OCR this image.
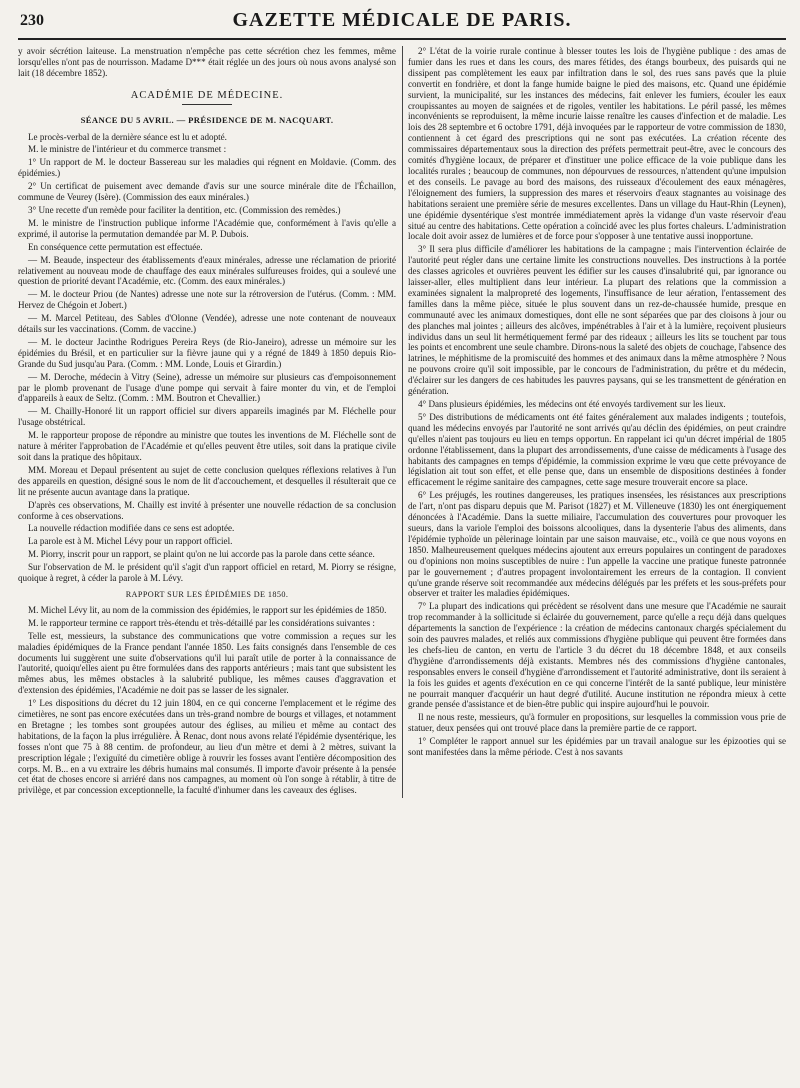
230	GAZETTE MÉDICALE DE PARIS.

y avoir sécrétion laiteuse. La menstruation n'empêche pas cette sécrétion chez les femmes, même lorsqu'elles n'ont pas de nourrisson. Madame D*** était réglée un des jours où nous avons analysé son lait (18 décembre 1852).

ACADÉMIE DE MÉDECINE.
SÉANCE DU 5 AVRIL. — PRÉSIDENCE DE M. NACQUART.

Le procès-verbal de la dernière séance est lu et adopté.

M. le ministre de l'intérieur et du commerce transmet :

1° Un rapport de M. le docteur Bassereau sur les maladies qui régnent en Moldavie. (Comm. des épidémies.)

2° Un certificat de puisement avec demande d'avis sur une source minérale dite de l'Échaillon, commune de Veurey (Isère). (Commission des eaux minérales.)

3° Une recette d'un remède pour faciliter la dentition, etc. (Commission des remèdes.)

M. le ministre de l'instruction publique informe l'Académie que, conformément à l'avis qu'elle a exprimé, il autorise la permutation demandée par M. P. Dubois.

En conséquence cette permutation est effectuée.

— M. Beaude, inspecteur des établissements d'eaux minérales, adresse une réclamation de priorité relativement au nouveau mode de chauffage des eaux minérales sulfureuses froides, qui a soulevé une question de priorité devant l'Académie, etc. (Comm. des eaux minérales.)

— M. le docteur Priou (de Nantes) adresse une note sur la rétroversion de l'utérus. (Comm. : MM. Hervez de Chégoin et Jobert.)

— M. Marcel Petiteau, des Sables d'Olonne (Vendée), adresse une note contenant de nouveaux détails sur les vaccinations. (Comm. de vaccine.)

— M. le docteur Jacinthe Rodrigues Pereira Reys (de Rio-Janeiro), adresse un mémoire sur les épidémies du Brésil, et en particulier sur la fièvre jaune qui y a régné de 1849 à 1850 depuis Rio-Grande du Sud jusqu'au Para. (Comm. : MM. Londe, Louis et Girardin.)

— M. Deroche, médecin à Vitry (Seine), adresse un mémoire sur plusieurs cas d'empoisonnement par le plomb provenant de l'usage d'une pompe qui servait à faire monter du vin, et de l'emploi d'appareils à eaux de Seltz. (Comm. : MM. Boutron et Chevallier.)

— M. Chailly-Honoré lit un rapport officiel sur divers appareils imaginés par M. Fléchelle pour l'usage obstétrical.

M. le rapporteur propose de répondre au ministre que toutes les inventions de M. Fléchelle sont de nature à mériter l'approbation de l'Académie et qu'elles peuvent être utiles, soit dans la pratique civile soit dans la pratique des hôpitaux.

MM. Moreau et Depaul présentent au sujet de cette conclusion quelques réflexions relatives à l'un des appareils en question, désigné sous le nom de lit d'accouchement, et desquelles il résulterait que ce lit ne présente aucun avantage dans la pratique.

D'après ces observations, M. Chailly est invité à présenter une nouvelle rédaction de sa conclusion conforme à ces observations.

La nouvelle rédaction modifiée dans ce sens est adoptée.

La parole est à M. Michel Lévy pour un rapport officiel.

M. Piorry, inscrit pour un rapport, se plaint qu'on ne lui accorde pas la parole dans cette séance.

Sur l'observation de M. le président qu'il s'agit d'un rapport officiel en retard, M. Piorry se résigne, quoique à regret, à céder la parole à M. Lévy.

RAPPORT SUR LES ÉPIDÉMIES DE 1850.

M. Michel Lévy lit, au nom de la commission des épidémies, le rapport sur les épidémies de 1850.

M. le rapporteur termine ce rapport très-étendu et très-détaillé par les considérations suivantes :

Telle est, messieurs, la substance des communications que votre commission a reçues sur les maladies épidémiques de la France pendant l'année 1850. Les faits consignés dans l'ensemble de ces documents lui suggèrent une suite d'observations qu'il lui paraît utile de porter à la connaissance de l'autorité, quoiqu'elles aient pu être formulées dans des rapports antérieurs ; mais tant que subsistent les mêmes abus, les mêmes obstacles à la salubrité publique, les mêmes causes d'aggravation et d'extension des épidémies, l'Académie ne doit pas se lasser de les signaler.

1° Les dispositions du décret du 12 juin 1804, en ce qui concerne l'emplacement et le régime des cimetières, ne sont pas encore exécutées dans un très-grand nombre de bourgs et villages, et notamment en Bretagne ; les tombes sont groupées autour des églises, au milieu et même au contact des habitations, de la façon la plus irrégulière. À Renac, dont nous avons relaté l'épidémie dysentérique, les fosses n'ont que 75 à 88 centim. de profondeur, au lieu d'un mètre et demi à 2 mètres, suivant la prescription légale ; l'exiguïté du cimetière oblige à rouvrir les fosses avant l'entière décomposition des corps. M. B... en a vu extraire les débris humains mal consumés. Il importe d'avoir présente à la pensée cet état de choses encore si arriéré dans nos campagnes, au moment où l'on songe à rétablir, à titre de privilège, et par concession exceptionnelle, la faculté d'inhumer dans les caveaux des églises.

2° L'état de la voirie rurale continue à blesser toutes les lois de l'hygiène publique : des amas de fumier dans les rues et dans les cours, des mares fétides, des étangs bourbeux, des puisards qui ne dissipent pas complètement les eaux par infiltration dans le sol, des rues sans pavés que la pluie convertit en fondrière, et dont la fange humide baigne le pied des maisons, etc. Quand une épidémie survient, la municipalité, sur les instances des médecins, fait enlever les fumiers, écouler les eaux croupissantes au moyen de saignées et de rigoles, ventiler les habitations. Le péril passé, les mêmes inconvénients se reproduisent, la même incurie laisse renaître les causes d'infection et de maladie. Les lois des 28 septembre et 6 octobre 1791, déjà invoquées par le rapporteur de votre commission de 1830, contiennent à cet égard des prescriptions qui ne sont pas exécutées. La création récente des commissaires départementaux sous la direction des préfets permettrait peut-être, avec le concours des comités d'hygiène locaux, de préparer et d'instituer une police efficace de la voie publique dans les localités rurales ; beaucoup de communes, non dépourvues de ressources, n'attendent qu'une impulsion et des conseils. Le pavage au bord des maisons, des ruisseaux d'écoulement des eaux ménagères, l'éloignement des fumiers, la suppression des mares et réservoirs d'eaux stagnantes au voisinage des habitations seraient une première série de mesures excellentes. Dans un village du Haut-Rhin (Leynen), une épidémie dysentérique s'est montrée immédiatement après la vidange d'un vaste réservoir d'eau situé au centre des habitations. Cette opération a coïncidé avec les plus fortes chaleurs. L'administration locale doit avoir assez de lumières et de force pour s'opposer à une tentative aussi inopportune.

3° Il sera plus difficile d'améliorer les habitations de la campagne ; mais l'intervention éclairée de l'autorité peut régler dans une certaine limite les constructions nouvelles. Des instructions à la portée des classes agricoles et ouvrières peuvent les édifier sur les causes d'insalubrité qui, par ignorance ou laisser-aller, elles multiplient dans leur intérieur. La plupart des relations que la commission a examinées signalent la malpropreté des logements, l'insuffisance de leur aération, l'entassement des familles dans la même pièce, située le plus souvent dans un rez-de-chaussée humide, presque en communauté avec les animaux domestiques, dont elle ne sont séparées que par des cloisons à jour ou des planches mal jointes ; ailleurs des alcôves, impénétrables à l'air et à la lumière, reçoivent plusieurs individus dans un seul lit hermétiquement fermé par des rideaux ; ailleurs les lits se touchent par tous les points et encombrent une seule chambre. Dirons-nous la saleté des objets de couchage, l'absence des latrines, le méphitisme de la promiscuité des hommes et des animaux dans la même atmosphère ? Nous ne pouvons croire qu'il soit impossible, par le concours de l'administration, du prêtre et du médecin, d'éclairer sur les dangers de ces habitudes les pauvres paysans, qui se les transmettent de génération en génération.

4° Dans plusieurs épidémies, les médecins ont été envoyés tardivement sur les lieux.

5° Des distributions de médicaments ont été faites généralement aux malades indigents ; toutefois, quand les médecins envoyés par l'autorité ne sont arrivés qu'au déclin des épidémies, on peut craindre qu'elles n'aient pas toujours eu lieu en temps opportun. En rappelant ici qu'un décret impérial de 1805 ordonne l'établissement, dans la plupart des arrondissements, d'une caisse de médicaments à l'usage des habitants des campagnes en temps d'épidémie, la commission exprime le vœu que cette prévoyance de législation ait tout son effet, et elle pense que, dans un ensemble de dispositions destinées à fonder efficacement le régime sanitaire des campagnes, cette sage mesure trouverait encore sa place.

6° Les préjugés, les routines dangereuses, les pratiques insensées, les résistances aux prescriptions de l'art, n'ont pas disparu depuis que M. Parisot (1827) et M. Villeneuve (1830) les ont énergiquement dénoncées à l'Académie. Dans la suette miliaire, l'accumulation des couvertures pour provoquer les sueurs, dans la variole l'emploi des boissons alcooliques, dans la dysenterie l'abus des aliments, dans l'épidémie typhoïde un pèlerinage lointain par une saison mauvaise, etc., voilà ce que nous voyons en 1850. Malheureusement quelques médecins ajoutent aux erreurs populaires un contingent de paradoxes ou d'opinions non moins susceptibles de nuire : l'un appelle la vaccine une pratique funeste patronnée par le gouvernement ; d'autres propagent involontairement les erreurs de la contagion. Il convient qu'une grande réserve soit recommandée aux médecins délégués par les préfets et les sous-préfets pour observer et traiter les maladies épidémiques.

7° La plupart des indications qui précèdent se résolvent dans une mesure que l'Académie ne saurait trop recommander à la sollicitude si éclairée du gouvernement, parce qu'elle a reçu déjà dans quelques départements la sanction de l'expérience : la création de médecins cantonaux chargés spécialement du soin des pauvres malades, et reliés aux commissions d'hygiène publique qui peuvent être formées dans les chefs-lieu de canton, en vertu de l'article 3 du décret du 18 décembre 1848, et aux conseils d'hygiène d'arrondissements déjà existants. Membres nés des commissions d'hygiène cantonales, responsables envers le conseil d'hygiène d'arrondissement et l'autorité administrative, dont ils seraient à la fois les guides et agents d'exécution en ce qui concerne l'intérêt de la santé publique, leur ministère ne pourrait manquer d'acquérir un haut degré d'utilité. Aucune institution ne répondra mieux à cette grande pensée d'assistance et de bien-être public qui inspire aujourd'hui le pouvoir.

Il ne nous reste, messieurs, qu'à formuler en propositions, sur lesquelles la commission vous prie de statuer, deux pensées qui ont trouvé place dans la première partie de ce rapport.

1° Compléter le rapport annuel sur les épidémies par un travail analogue sur les épizooties qui se sont manifestées dans la même période. C'est à nos savants
